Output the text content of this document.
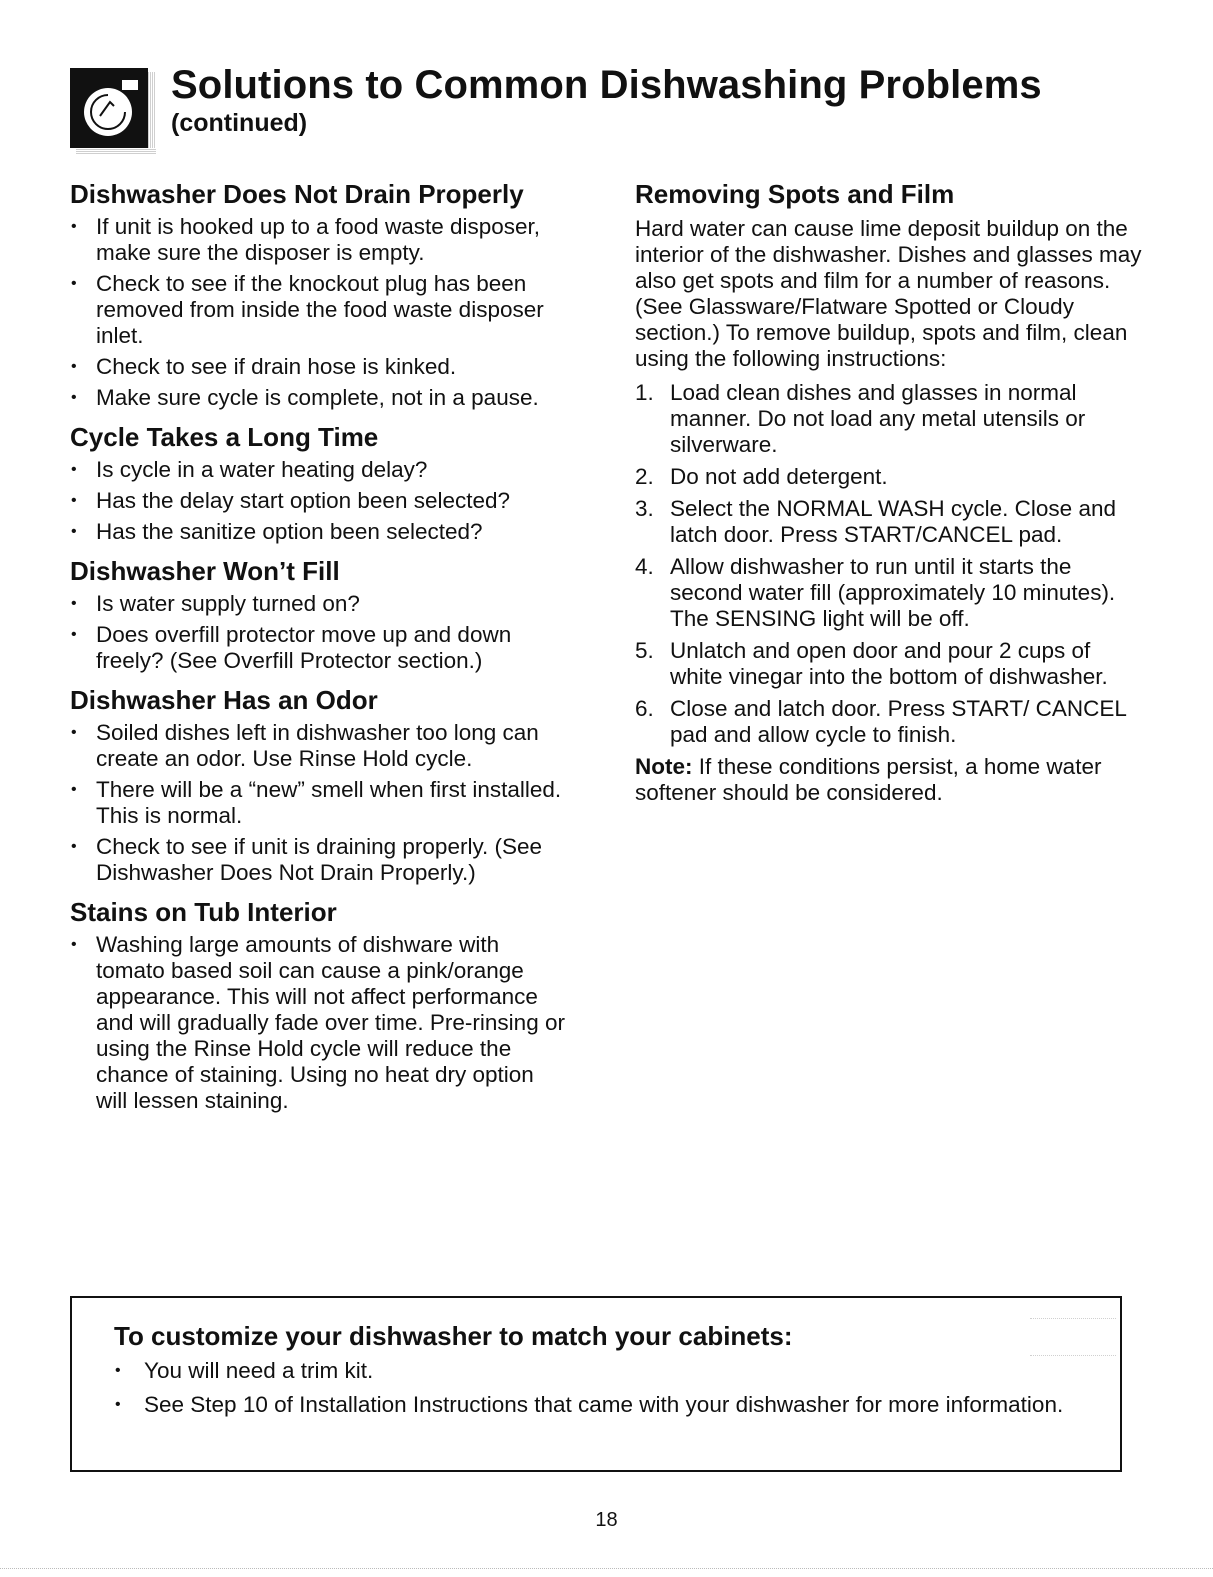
Solutions to Common Dishwashing Problems
(continued)
Dishwasher Does Not Drain Properly
• If unit is hooked up to a food waste disposer, make sure the disposer is empty.
• Check to see if the knockout plug has been removed from inside the food waste disposer inlet.
• Check to see if drain hose is kinked.
• Make sure cycle is complete, not in a pause.
Cycle Takes a Long Time
• Is cycle in a water heating delay?
• Has the delay start option been selected?
• Has the sanitize option been selected?
Dishwasher Won’t Fill
• Is water supply turned on?
• Does overfill protector move up and down freely? (See Overfill Protector section.)
Dishwasher Has an Odor
• Soiled dishes left in dishwasher too long can create an odor. Use Rinse Hold cycle.
• There will be a “new” smell when first installed. This is normal.
• Check to see if unit is draining properly. (See Dishwasher Does Not Drain Properly.)
Stains on Tub Interior
• Washing large amounts of dishware with tomato based soil can cause a pink/orange appearance. This will not affect performance and will gradually fade over time. Pre-rinsing or using the Rinse Hold cycle will reduce the chance of staining. Using no heat dry option will lessen staining.
Removing Spots and Film

Hard water can cause lime deposit buildup on the interior of the dishwasher. Dishes and glasses may also get spots and film for a number of reasons. (See Glassware/Flatware Spotted or Cloudy section.) To remove buildup, spots and film, clean using the following instructions:

1. Load clean dishes and glasses in normal manner. Do not load any metal utensils or silverware.
2. Do not add detergent.
3. Select the NORMAL WASH cycle. Close and latch door. Press START/CANCEL pad.
4. Allow dishwasher to run until it starts the second water fill (approximately 10 minutes). The SENSING light will be off.
5. Unlatch and open door and pour 2 cups of white vinegar into the bottom of dishwasher.
6. Close and latch door. Press START/ CANCEL pad and allow cycle to finish.

Note: If these conditions persist, a home water softener should be considered.

To customize your dishwasher to match your cabinets:
• You will need a trim kit.
• See Step 10 of Installation Instructions that came with your dishwasher for more information.
18
